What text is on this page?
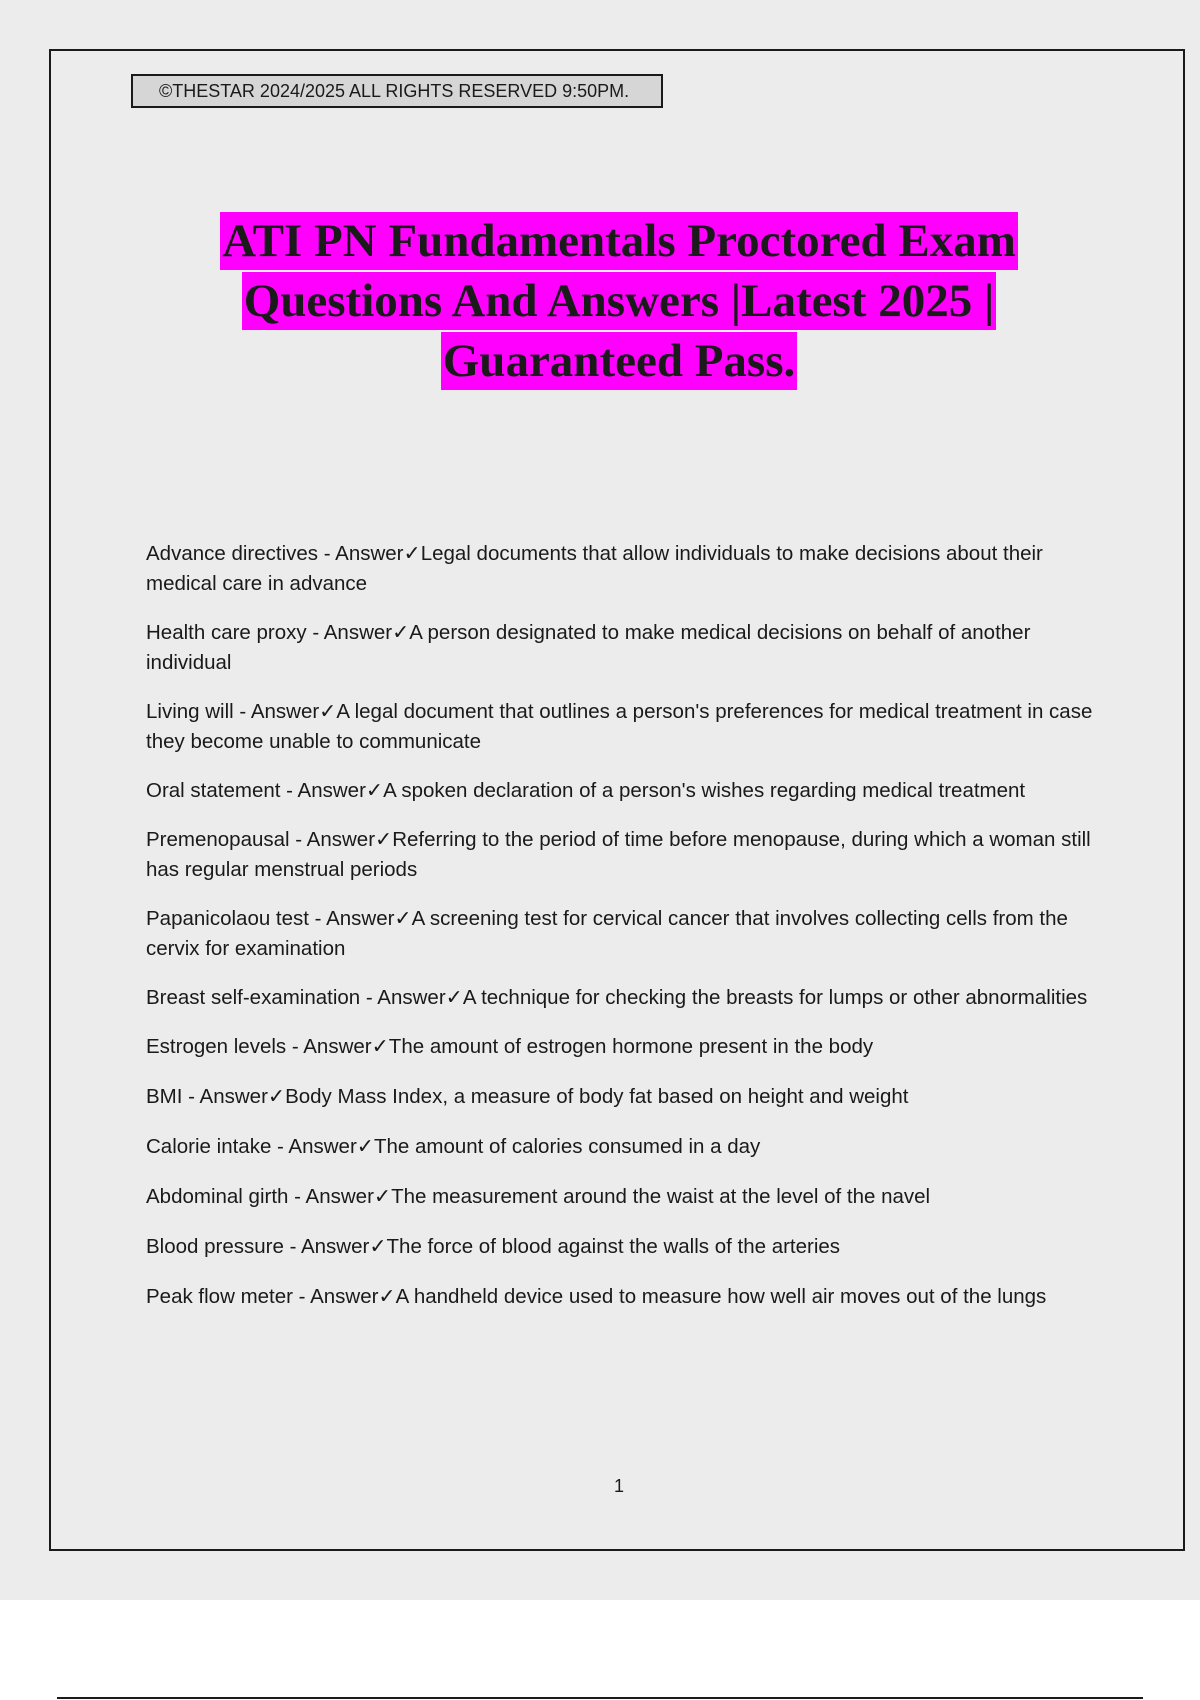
©THESTAR 2024/2025 ALL RIGHTS RESERVED 9:50PM.
ATI PN Fundamentals Proctored Exam
Questions And Answers |Latest 2025 |
Guaranteed Pass.
Advance directives - Answer✓Legal documents that allow individuals to make decisions about their medical care in advance
Health care proxy - Answer✓A person designated to make medical decisions on behalf of another individual
Living will - Answer✓A legal document that outlines a person's preferences for medical treatment in case they become unable to communicate
Oral statement - Answer✓A spoken declaration of a person's wishes regarding medical treatment
Premenopausal - Answer✓Referring to the period of time before menopause, during which a woman still has regular menstrual periods
Papanicolaou test - Answer✓A screening test for cervical cancer that involves collecting cells from the cervix for examination
Breast self-examination - Answer✓A technique for checking the breasts for lumps or other abnormalities
Estrogen levels - Answer✓The amount of estrogen hormone present in the body
BMI - Answer✓Body Mass Index, a measure of body fat based on height and weight
Calorie intake - Answer✓The amount of calories consumed in a day
Abdominal girth - Answer✓The measurement around the waist at the level of the navel
Blood pressure - Answer✓The force of blood against the walls of the arteries
Peak flow meter - Answer✓A handheld device used to measure how well air moves out of the lungs
1
